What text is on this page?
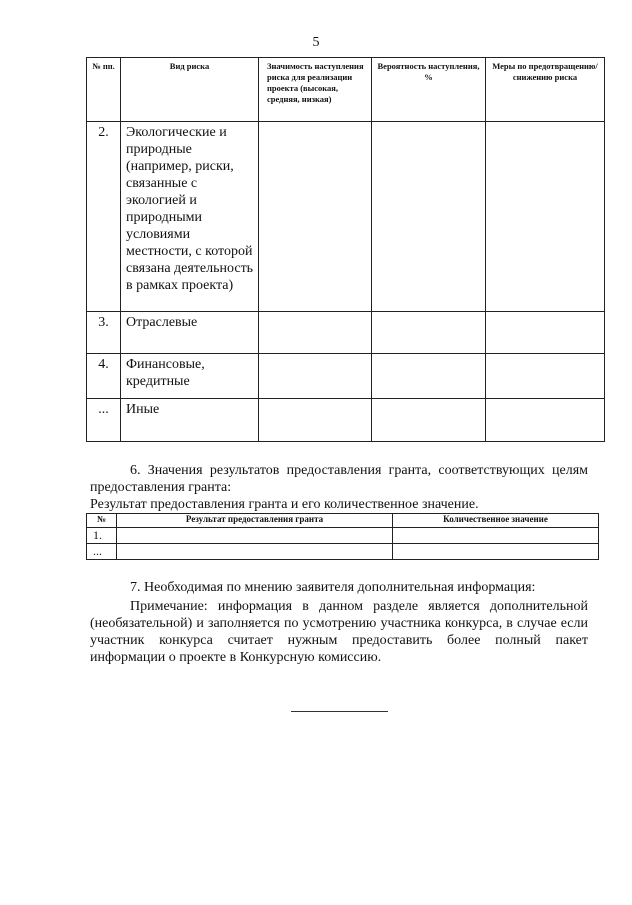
5
№ пп.	Вид риска	Значимость наступления риска для реализации проекта (высокая, средняя, низкая)	Вероятность наступления, %	Меры по предотвращению/ снижению риска
2.	Экологические и природные (например, риски, связанные с экологией и природными условиями местности, с которой связана деятельность в рамках проекта)			
3.	Отраслевые			
4.	Финансовые, кредитные			
...	Иные			

6. Значения результатов предоставления гранта, соответствующих целям предоставления гранта:

Результат предоставления гранта и его количественное значение.

№	Результат предоставления гранта	Количественное значение
1.		
...		

7. Необходимая по мнению заявителя дополнительная информация:

Примечание: информация в данном разделе является дополнительной (необязательной) и заполняется по усмотрению участника конкурса, в случае если участник конкурса считает нужным предоставить более полный пакет информации о проекте в Конкурсную комиссию.
